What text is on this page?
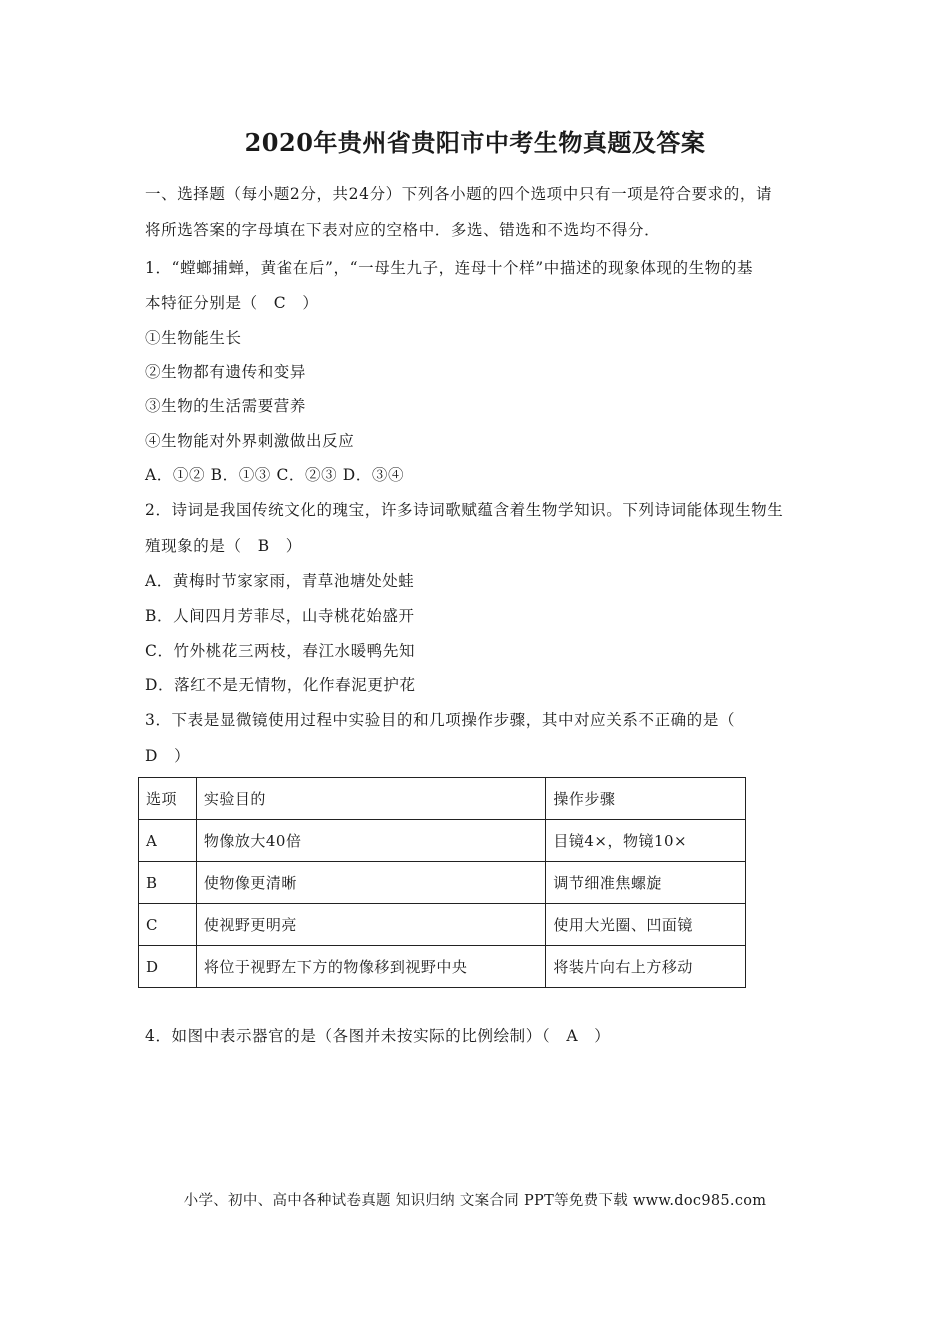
2020年贵州省贵阳市中考生物真题及答案
一、选择题（每小题2分，共24分）下列各小题的四个选项中只有一项是符合要求的，请
将所选答案的字母填在下表对应的空格中．多选、错选和不选均不得分．
1．“螳螂捕蝉，黄雀在后”，“一母生九子，连母十个样”中描述的现象体现的生物的基
本特征分别是（　C　）
①生物能生长
②生物都有遗传和变异
③生物的生活需要营养
④生物能对外界刺激做出反应
A．①② B．①③ C．②③ D．③④
2．诗词是我国传统文化的瑰宝，许多诗词歌赋蕴含着生物学知识。下列诗词能体现生物生
殖现象的是（　B　）
A．黄梅时节家家雨，青草池塘处处蛙
B．人间四月芳菲尽，山寺桃花始盛开
C．竹外桃花三两枝，春江水暖鸭先知
D．落红不是无情物，化作春泥更护花
3．下表是显微镜使用过程中实验目的和几项操作步骤，其中对应关系不正确的是（
D　）
选项	实验目的	操作步骤
A	物像放大40倍	目镜4×，物镜10×
B	使物像更清晰	调节细准焦螺旋
C	使视野更明亮	使用大光圈、凹面镜
D	将位于视野左下方的物像移到视野中央	将装片向右上方移动
4．如图中表示器官的是（各图并未按实际的比例绘制）（　A　）
小学、初中、高中各种试卷真题 知识归纳 文案合同 PPT等免费下载 www.doc985.com
